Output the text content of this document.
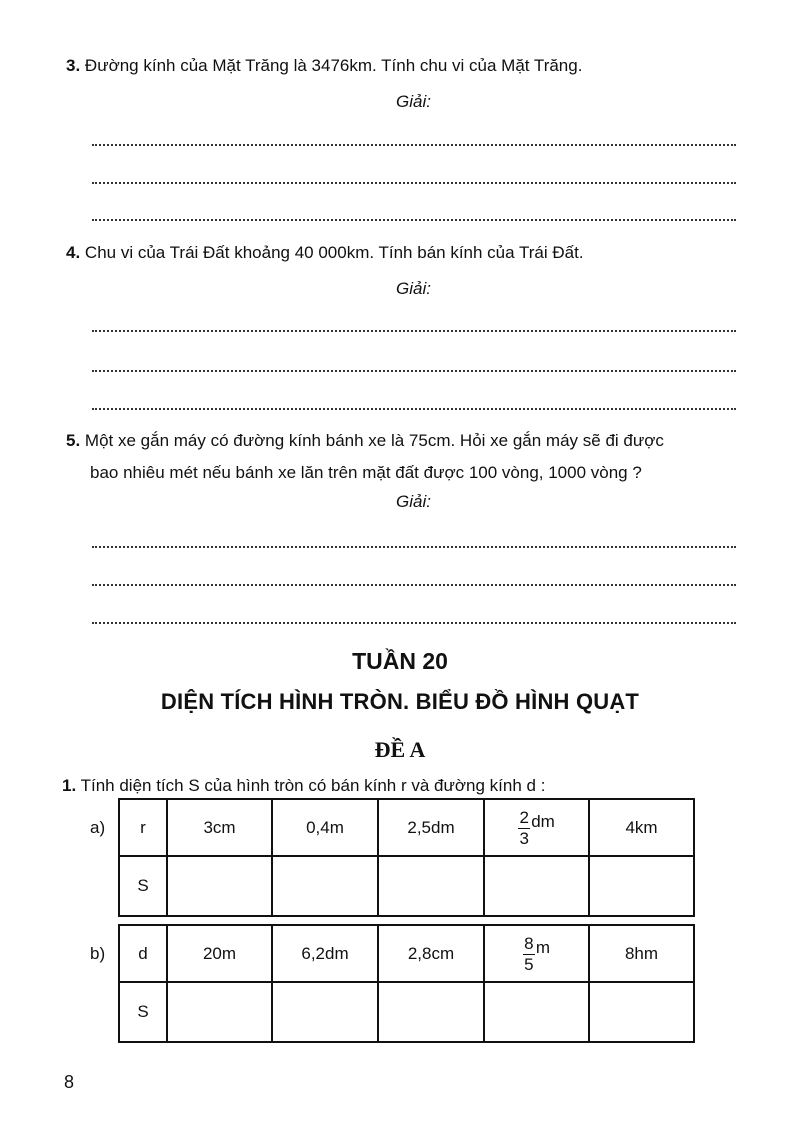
3. Đường kính của Mặt Trăng là 3476km. Tính chu vi của Mặt Trăng.
Giải:
4. Chu vi của Trái Đất khoảng 40 000km. Tính bán kính của Trái Đất.
Giải:
5. Một xe gắn máy có đường kính bánh xe là 75cm. Hỏi xe gắn máy sẽ đi được
bao nhiêu mét nếu bánh xe lăn trên mặt đất được 100 vòng, 1000 vòng ?
Giải:
TUẦN 20
DIỆN TÍCH HÌNH TRÒN. BIỂU ĐỒ HÌNH QUẠT
ĐỀ A
1. Tính diện tích S của hình tròn có bán kính r và đường kính d :
a) r	3cm	0,4m	2,5dm	$\frac{2}{3}$ dm	4km
S					
b) d	20m	6,2dm	2,8cm	$\frac{8}{5}$ m	8hm
S					
8
